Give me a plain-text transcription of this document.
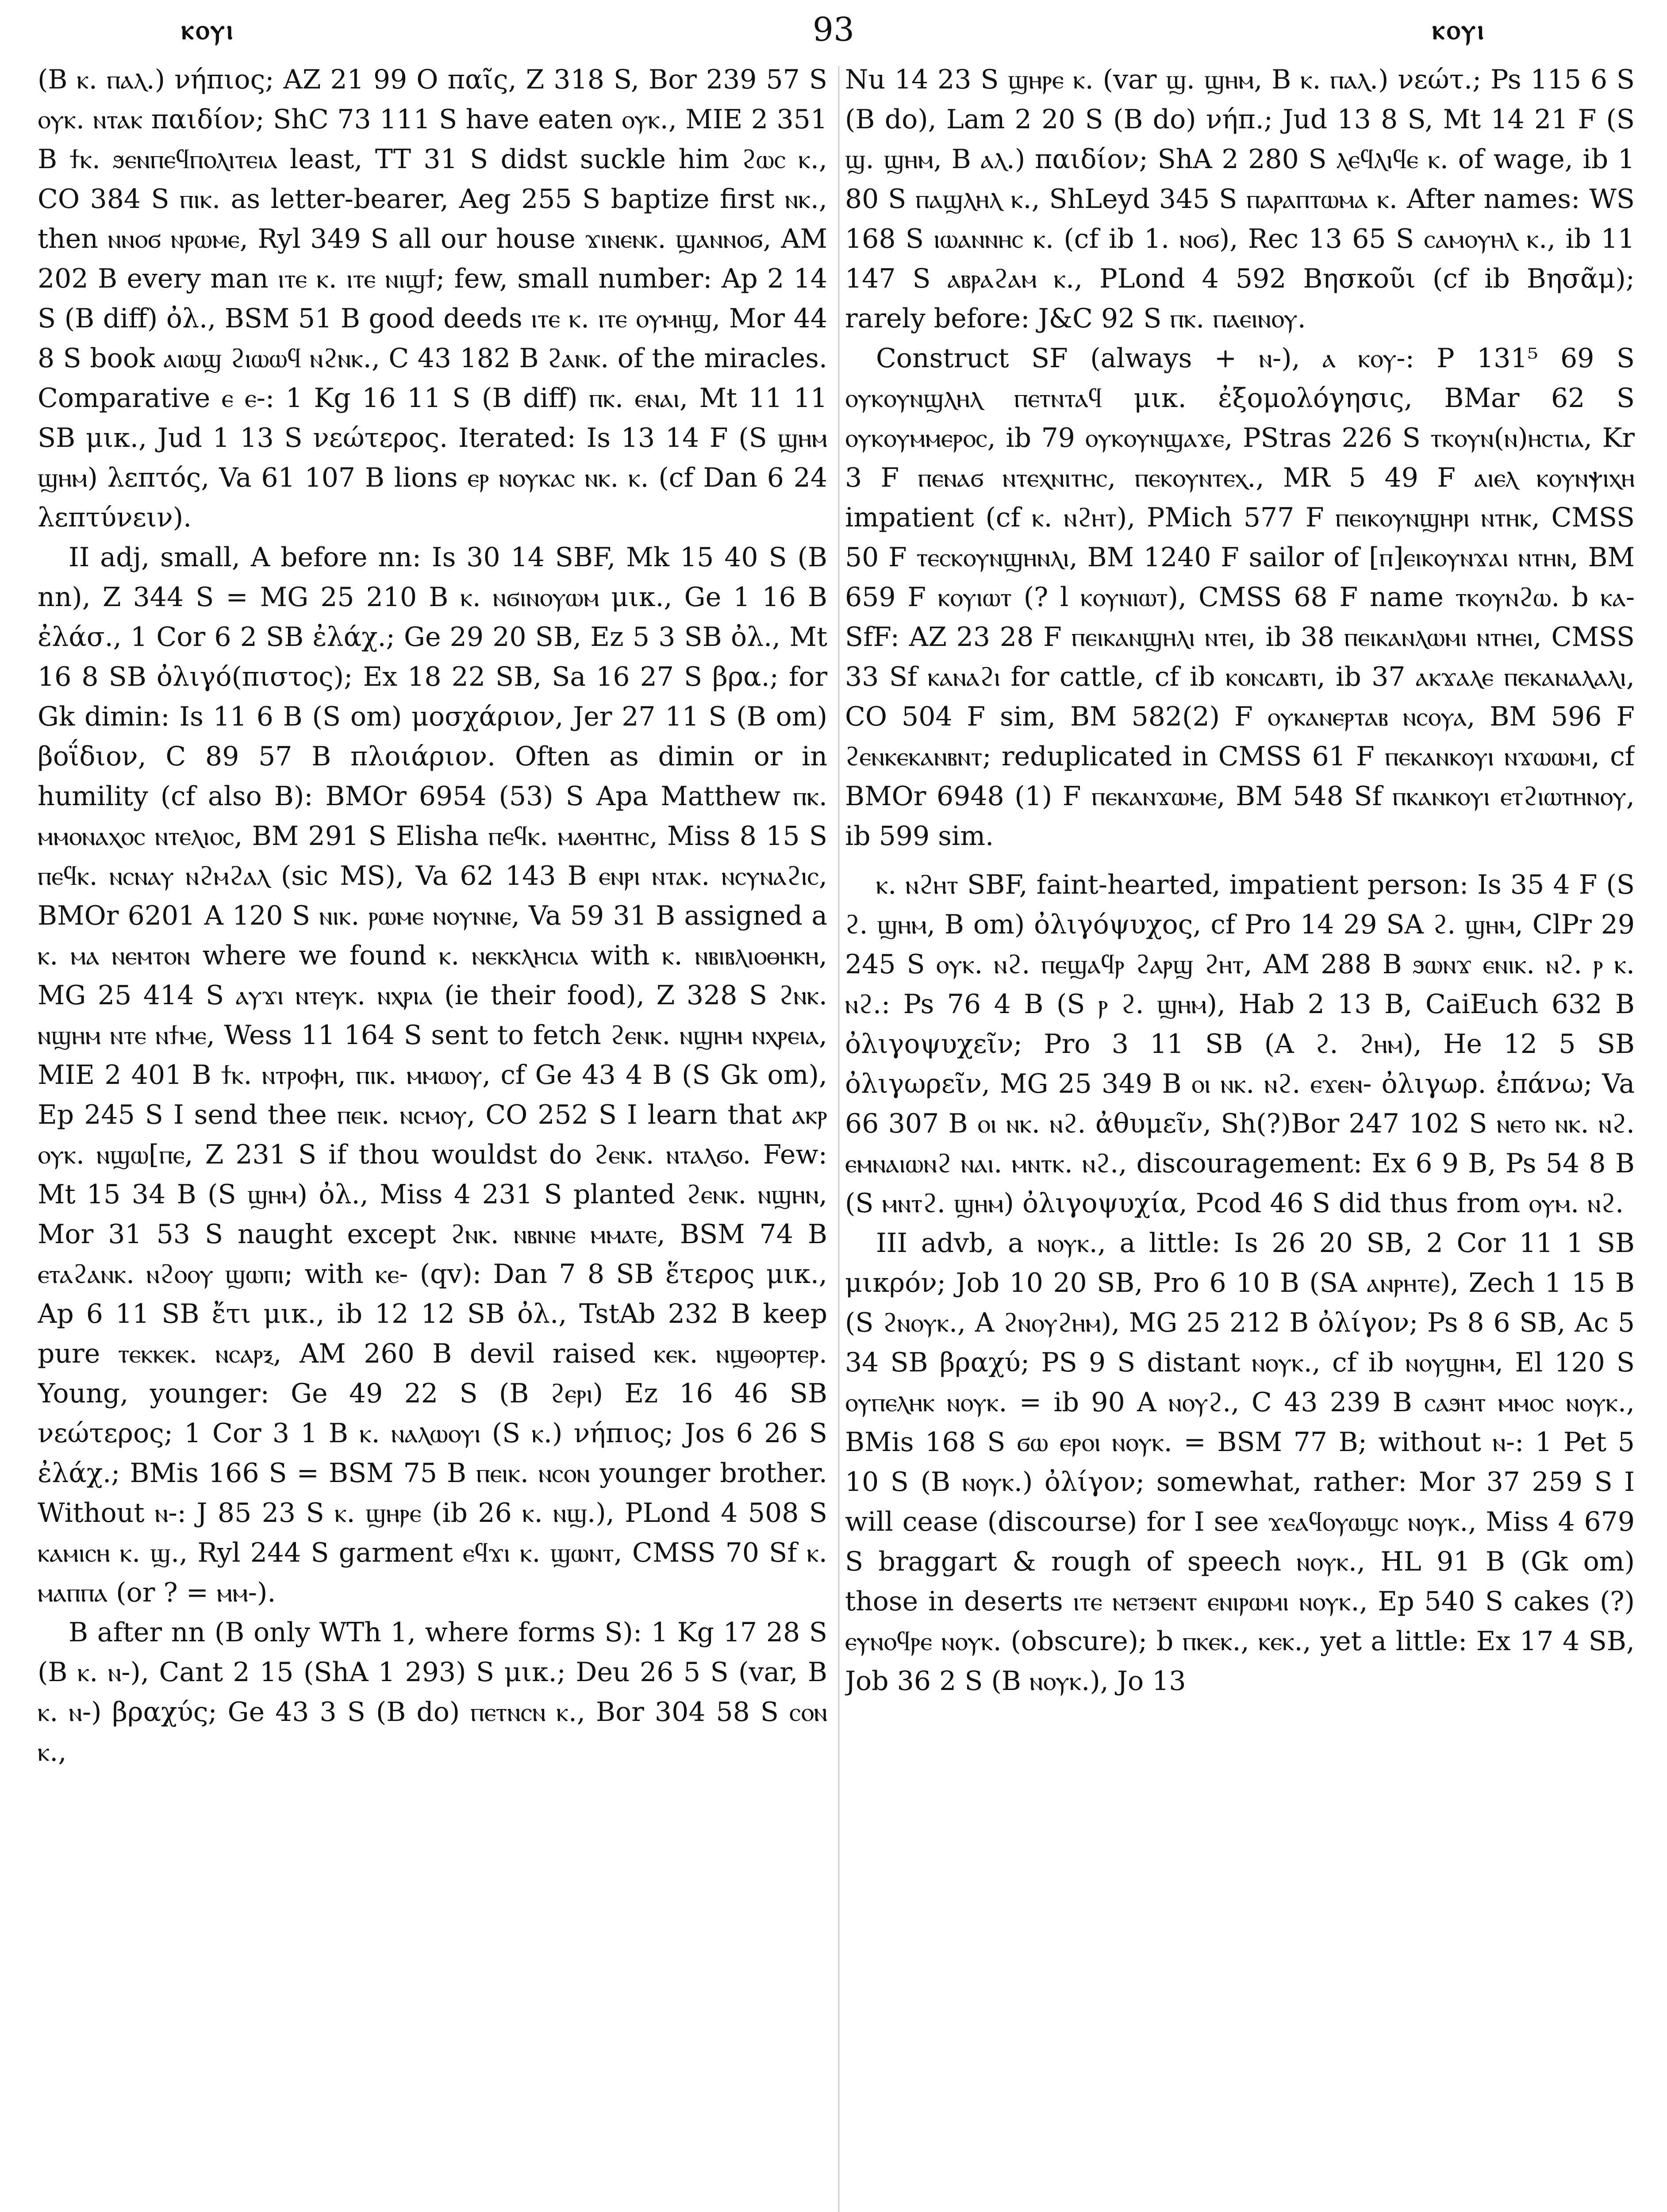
ⲕⲟⲩⲓ	93	ⲕⲟⲩⲓ

(B ⲕ. ⲡⲁⲗ.) νήπιος; AZ 21 99 O παῖς, Z 318 S, Bor 239 57 S ⲟⲩⲕ. ⲛⲧⲁⲕ παιδίον; ShC 73 111 S have eaten ⲟⲩⲕ., MIE 2 351 B ϯⲕ. ϧⲉⲛⲡⲉϥⲡⲟⲗⲓⲧⲉⲓⲁ least, TT 31 S didst suckle him ϩⲱⲥ ⲕ., CO 384 S ⲡⲓⲕ. as letter-bearer, Aeg 255 S baptize first ⲛⲕ., then ⲛⲛⲟϭ ⲛⲣⲱⲙⲉ, Ryl 349 S all our house ϫⲓⲛⲉⲛⲕ. ϣⲁⲛⲛⲟϭ, AM 202 B every man ⲓⲧⲉ ⲕ. ⲓⲧⲉ ⲛⲓϣϯ; few, small number: Ap 2 14 S (B diff) ὀλ., BSM 51 B good deeds ⲓⲧⲉ ⲕ. ⲓⲧⲉ ⲟⲩⲙⲏϣ, Mor 44 8 S book ⲁⲓⲱϣ ϩⲓⲱⲱϥ ⲛϩⲛⲕ., C 43 182 B ϩⲁⲛⲕ. of the miracles. Comparative ⲉ ⲉ-: 1 Kg 16 11 S (B diff) ⲡⲕ. ⲉⲛⲁⲓ, Mt 11 11 SB μικ., Jud 1 13 S νεώτερος. Iterated: Is 13 14 F (S ϣⲏⲙ ϣⲏⲙ) λεπτός, Va 61 107 B lions ⲉⲣ ⲛⲟⲩⲕⲁⲥ ⲛⲕ. ⲕ. (cf Dan 6 24 λεπτύνειν).

II adj, small, A before nn: Is 30 14 SBF, Mk 15 40 S (B nn), Z 344 S = MG 25 210 B ⲕ. ⲛϭⲓⲛⲟⲩⲱⲙ μικ., Ge 1 16 B ἐλάσ., 1 Cor 6 2 SB ἐλάχ.; Ge 29 20 SB, Ez 5 3 SB ὀλ., Mt 16 8 SB ὀλιγό(πιστος); Ex 18 22 SB, Sa 16 27 S βρα.; for Gk dimin: Is 11 6 B (S om) μοσχάριον, Jer 27 11 S (B om) βοΐδιον, C 89 57 B πλοιάριον. Often as dimin or in humility (cf also B): BMOr 6954 (53) S Apa Matthew ⲡⲕ. ⲙⲙⲟⲛⲁⲭⲟⲥ ⲛⲧⲉⲗⲓⲟⲥ, BM 291 S Elisha ⲡⲉϥⲕ. ⲙⲁⲑⲏⲧⲏⲥ, Miss 8 15 S ⲡⲉϥⲕ. ⲛⲥⲛⲁⲩ ⲛϩⲙϩⲁⲗ (sic MS), Va 62 143 B ⲉⲛⲣⲓ ⲛⲧⲁⲕ. ⲛⲥⲩⲛⲁϩⲓⲥ, BMOr 6201 A 120 S ⲛⲓⲕ. ⲣⲱⲙⲉ ⲛⲟⲩⲛⲛⲉ, Va 59 31 B assigned a ⲕ. ⲙⲁ ⲛⲉⲙⲧⲟⲛ where we found ⲕ. ⲛⲉⲕⲕⲗⲏⲥⲓⲁ with ⲕ. ⲛⲃⲓⲃⲗⲓⲟⲑⲏⲕⲏ, MG 25 414 S ⲁⲩϫⲓ ⲛⲧⲉⲩⲕ. ⲛⲭⲣⲓⲁ (ie their food), Z 328 S ϩⲛⲕ. ⲛϣⲏⲙ ⲛⲧⲉ ⲛϯⲙⲉ, Wess 11 164 S sent to fetch ϩⲉⲛⲕ. ⲛϣⲏⲙ ⲛⲭⲣⲉⲓⲁ, MIE 2 401 B ϯⲕ. ⲛⲧⲣⲟⲫⲏ, ⲡⲓⲕ. ⲙⲙⲱⲟⲩ, cf Ge 43 4 B (S Gk om), Ep 245 S I send thee ⲡⲉⲓⲕ. ⲛⲥⲙⲟⲩ, CO 252 S I learn that ⲁⲕⲣ ⲟⲩⲕ. ⲛϣⲱ[ⲡⲉ, Z 231 S if thou wouldst do ϩⲉⲛⲕ. ⲛⲧⲁⲗϭⲟ. Few: Mt 15 34 B (S ϣⲏⲙ) ὀλ., Miss 4 231 S planted ϩⲉⲛⲕ. ⲛϣⲏⲛ, Mor 31 53 S naught except ϩⲛⲕ. ⲛⲃⲛⲛⲉ ⲙⲙⲁⲧⲉ, BSM 74 B ⲉⲧⲁϩⲁⲛⲕ. ⲛϩⲟⲟⲩ ϣⲱⲡⲓ; with ⲕⲉ- (qv): Dan 7 8 SB ἕτερος μικ., Ap 6 11 SB ἔτι μικ., ib 12 12 SB ὀλ., TstAb 232 B keep pure ⲧⲉⲕⲕⲉⲕ. ⲛⲥⲁⲣⲝ, AM 260 B devil raised ⲕⲉⲕ. ⲛϣⲑⲟⲣⲧⲉⲣ. Young, younger: Ge 49 22 S (B ϩⲉⲣⲓ) Ez 16 46 SB νεώτερος; 1 Cor 3 1 B ⲕ. ⲛⲁⲗⲱⲟⲩⲓ (S ⲕ.) νήπιος; Jos 6 26 S ἐλάχ.; BMis 166 S = BSM 75 B ⲡⲉⲓⲕ. ⲛⲥⲟⲛ younger brother. Without ⲛ-: J 85 23 S ⲕ. ϣⲏⲣⲉ (ib 26 ⲕ. ⲛϣ.), PLond 4 508 S ⲕⲁⲙⲓⲥⲏ ⲕ. ϣ., Ryl 244 S garment ⲉϥϫⲓ ⲕ. ϣⲱⲛⲧ, CMSS 70 Sf ⲕ. ⲙⲁⲡⲡⲁ (or ? = ⲙⲙ-).

B after nn (B only WTh 1, where forms S): 1 Kg 17 28 S (B ⲕ. ⲛ-), Cant 2 15 (ShA 1 293) S μικ.; Deu 26 5 S (var, B ⲕ. ⲛ-) βραχύς; Ge 43 3 S (B do) ⲡⲉⲧⲛⲥⲛ ⲕ., Bor 304 58 S ⲥⲟⲛ ⲕ.,

Nu 14 23 S ϣⲏⲣⲉ ⲕ. (var ϣ. ϣⲏⲙ, B ⲕ. ⲡⲁⲗ.) νεώτ.; Ps 115 6 S (B do), Lam 2 20 S (B do) νήπ.; Jud 13 8 S, Mt 14 21 F (S ϣ. ϣⲏⲙ, B ⲁⲗ.) παιδίον; ShA 2 280 S ⲗⲉϥⲗⲓϥⲉ ⲕ. of wage, ib 1 80 S ⲡⲁϣⲗⲏⲗ ⲕ., ShLeyd 345 S ⲡⲁⲣⲁⲡⲧⲱⲙⲁ ⲕ. After names: WS 168 S ⲓⲱⲁⲛⲛⲏⲥ ⲕ. (cf ib 1. ⲛⲟϭ), Rec 13 65 S ⲥⲁⲙⲟⲩⲏⲗ ⲕ., ib 11 147 S ⲁⲃⲣⲁϩⲁⲙ ⲕ., PLond 4 592 Βησκοῦι (cf ib Βησᾶμ); rarely before: J&C 92 S ⲡⲕ. ⲡⲁⲉⲓⲛⲟⲩ.

Construct SF (always + ⲛ-), ⲁ ⲕⲟⲩ-: P 131⁵ 69 S ⲟⲩⲕⲟⲩⲛϣⲗⲏⲗ ⲡⲉⲧⲛⲧⲁϥ μικ. ἐξομολόγησις, BMar 62 S ⲟⲩⲕⲟⲩⲙⲙⲉⲣⲟⲥ, ib 79 ⲟⲩⲕⲟⲩⲛϣⲁϫⲉ, PStras 226 S ⲧⲕⲟⲩⲛ(ⲛ)ⲏⲥⲧⲓⲁ, Kr 3 F ⲡⲉⲛⲁϭ ⲛⲧⲉⲭⲛⲓⲧⲏⲥ, ⲡⲉⲕⲟⲩⲛⲧⲉⲭ., MR 5 49 F ⲁⲓⲉⲗ ⲕⲟⲩⲛⲯⲓⲭⲏ impatient (cf ⲕ. ⲛϩⲏⲧ), PMich 577 F ⲡⲉⲓⲕⲟⲩⲛϣⲏⲣⲓ ⲛⲧⲏⲕ, CMSS 50 F ⲧⲉⲥⲕⲟⲩⲛϣⲏⲛⲗⲓ, BM 1240 F sailor of [ⲡ]ⲉⲓⲕⲟⲩⲛϫⲁⲓ ⲛⲧⲏⲛ, BM 659 F ⲕⲟⲩⲓⲱⲧ (? l ⲕⲟⲩⲛⲓⲱⲧ), CMSS 68 F name ⲧⲕⲟⲩⲛϩⲱ. b ⲕⲁ- SfF: AZ 23 28 F ⲡⲉⲓⲕⲁⲛϣⲏⲗⲓ ⲛⲧⲉⲓ, ib 38 ⲡⲉⲓⲕⲁⲛⲗⲱⲙⲓ ⲛⲧⲏⲉⲓ, CMSS 33 Sf ⲕⲁⲛⲁϩⲓ for cattle, cf ib ⲕⲟⲛⲥⲁⲃⲧⲓ, ib 37 ⲁⲕϫⲁⲗⲉ ⲡⲉⲕⲁⲛⲁⲗⲁⲗⲓ, CO 504 F sim, BM 582(2) F ⲟⲩⲕⲁⲛⲉⲣⲧⲁⲃ ⲛⲥⲟⲩⲁ, BM 596 F ϩⲉⲛⲕⲉⲕⲁⲛⲃⲛⲧ; reduplicated in CMSS 61 F ⲡⲉⲕⲁⲛⲕⲟⲩⲓ ⲛϫⲱⲱⲙⲓ, cf BMOr 6948 (1) F ⲡⲉⲕⲁⲛϫⲱⲙⲉ, BM 548 Sf ⲡⲕⲁⲛⲕⲟⲩⲓ ⲉⲧϩⲓⲱⲧⲏⲛⲟⲩ, ib 599 sim.

ⲕ. ⲛϩⲏⲧ SBF, faint-hearted, impatient person: Is 35 4 F (S ϩ. ϣⲏⲙ, B om) ὀλιγόψυχος, cf Pro 14 29 SA ϩ. ϣⲏⲙ, ClPr 29 245 S ⲟⲩⲕ. ⲛϩ. ⲡⲉϣⲁϥⲣ ϩⲁⲣϣ ϩⲏⲧ, AM 288 B ϧⲱⲛϫ ⲉⲛⲓⲕ. ⲛϩ. ⲣ ⲕ. ⲛϩ.: Ps 76 4 B (S ⲣ ϩ. ϣⲏⲙ), Hab 2 13 B, CaiEuch 632 B ὀλιγοψυχεῖν; Pro 3 11 SB (A ϩ. ϩⲏⲙ), He 12 5 SB ὀλιγωρεῖν, MG 25 349 B ⲟⲓ ⲛⲕ. ⲛϩ. ⲉϫⲉⲛ- ὀλιγωρ. ἐπάνω; Va 66 307 B ⲟⲓ ⲛⲕ. ⲛϩ. ἀθυμεῖν, Sh(?)Bor 247 102 S ⲛⲉⲧⲟ ⲛⲕ. ⲛϩ. ⲉⲙⲛⲁⲓⲱⲛϩ ⲛⲁⲓ. ⲙⲛⲧⲕ. ⲛϩ., discouragement: Ex 6 9 B, Ps 54 8 B (S ⲙⲛⲧϩ. ϣⲏⲙ) ὀλιγοψυχία, Pcod 46 S did thus from ⲟⲩⲙ. ⲛϩ.

III advb, a ⲛⲟⲩⲕ., a little: Is 26 20 SB, 2 Cor 11 1 SB μικρόν; Job 10 20 SB, Pro 6 10 B (SA ⲁⲛⲣⲏⲧⲉ), Zech 1 15 B (S ϩⲛⲟⲩⲕ., A ϩⲛⲟⲩϩⲏⲙ), MG 25 212 B ὀλίγον; Ps 8 6 SB, Ac 5 34 SB βραχύ; PS 9 S distant ⲛⲟⲩⲕ., cf ib ⲛⲟⲩϣⲏⲙ, El 120 S ⲟⲩⲡⲉⲗⲏⲕ ⲛⲟⲩⲕ. = ib 90 A ⲛⲟⲩϩ., C 43 239 B ⲥⲁϧⲏⲧ ⲙⲙⲟⲥ ⲛⲟⲩⲕ., BMis 168 S ϭⲱ ⲉⲣⲟⲓ ⲛⲟⲩⲕ. = BSM 77 B; without ⲛ-: 1 Pet 5 10 S (B ⲛⲟⲩⲕ.) ὀλίγον; somewhat, rather: Mor 37 259 S I will cease (discourse) for I see ϫⲉⲁϥⲟⲩⲱϣⲥ ⲛⲟⲩⲕ., Miss 4 679 S braggart & rough of speech ⲛⲟⲩⲕ., HL 91 B (Gk om) those in deserts ⲓⲧⲉ ⲛⲉⲧϧⲉⲛⲧ ⲉⲛⲓⲣⲱⲙⲓ ⲛⲟⲩⲕ., Ep 540 S cakes (?) ⲉⲩⲛⲟϥⲣⲉ ⲛⲟⲩⲕ. (obscure); b ⲡⲕⲉⲕ., ⲕⲉⲕ., yet a little: Ex 17 4 SB, Job 36 2 S (B ⲛⲟⲩⲕ.), Jo 13
